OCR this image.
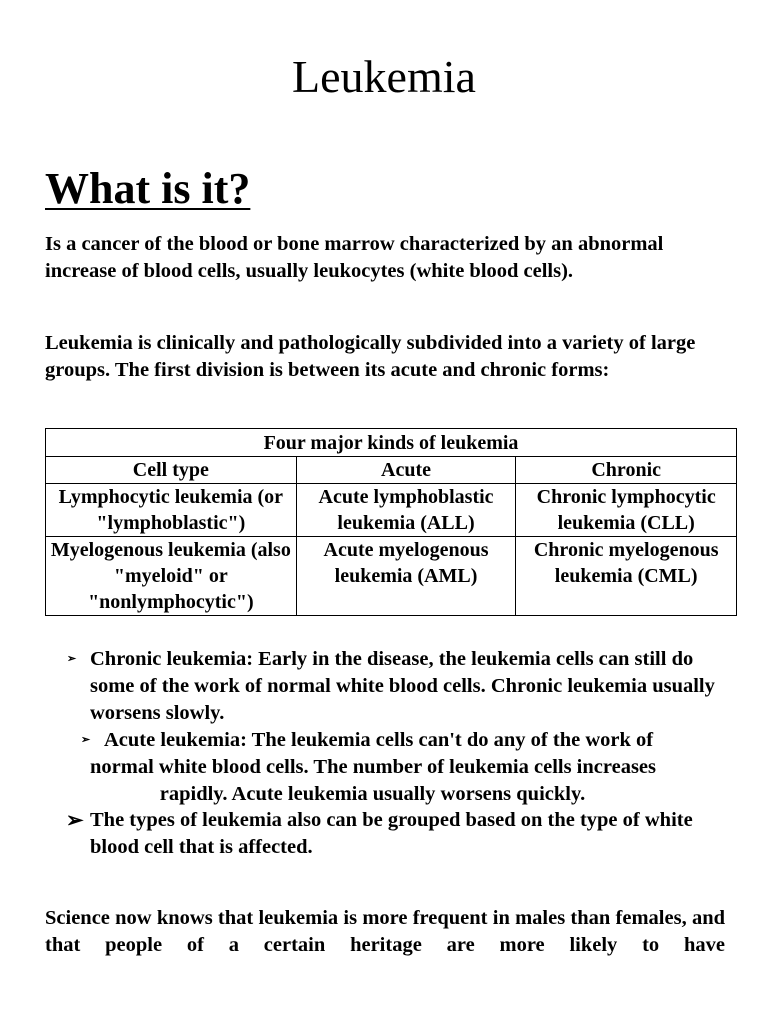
Leukemia
What is it?

Is a cancer of the blood or bone marrow characterized by an abnormal increase of blood cells, usually leukocytes (white blood cells).

Leukemia is clinically and pathologically subdivided into a variety of large groups. The first division is between its acute and chronic forms:

Four major kinds of leukemia		
Cell type	Acute	Chronic
Lymphocytic leukemia (or "lymphoblastic")	Acute lymphoblastic leukemia (ALL)	Chronic lymphocytic leukemia (CLL)
Myelogenous leukemia (also "myeloid" or "nonlymphocytic")	Acute myelogenous leukemia (AML)	Chronic myelogenous leukemia (CML)
➢ Chronic leukemia: Early in the disease, the leukemia cells can still do some of the work of normal white blood cells. Chronic leukemia usually worsens slowly.
➢ Acute leukemia: The leukemia cells can't do any of the work of
normal white blood cells. The number of leukemia cells increases
rapidly. Acute leukemia usually worsens quickly.
➢ The types of leukemia also can be grouped based on the type of white blood cell that is affected.

Science now knows that leukemia is more frequent in males than females, and that people of a certain heritage are more likely to have
